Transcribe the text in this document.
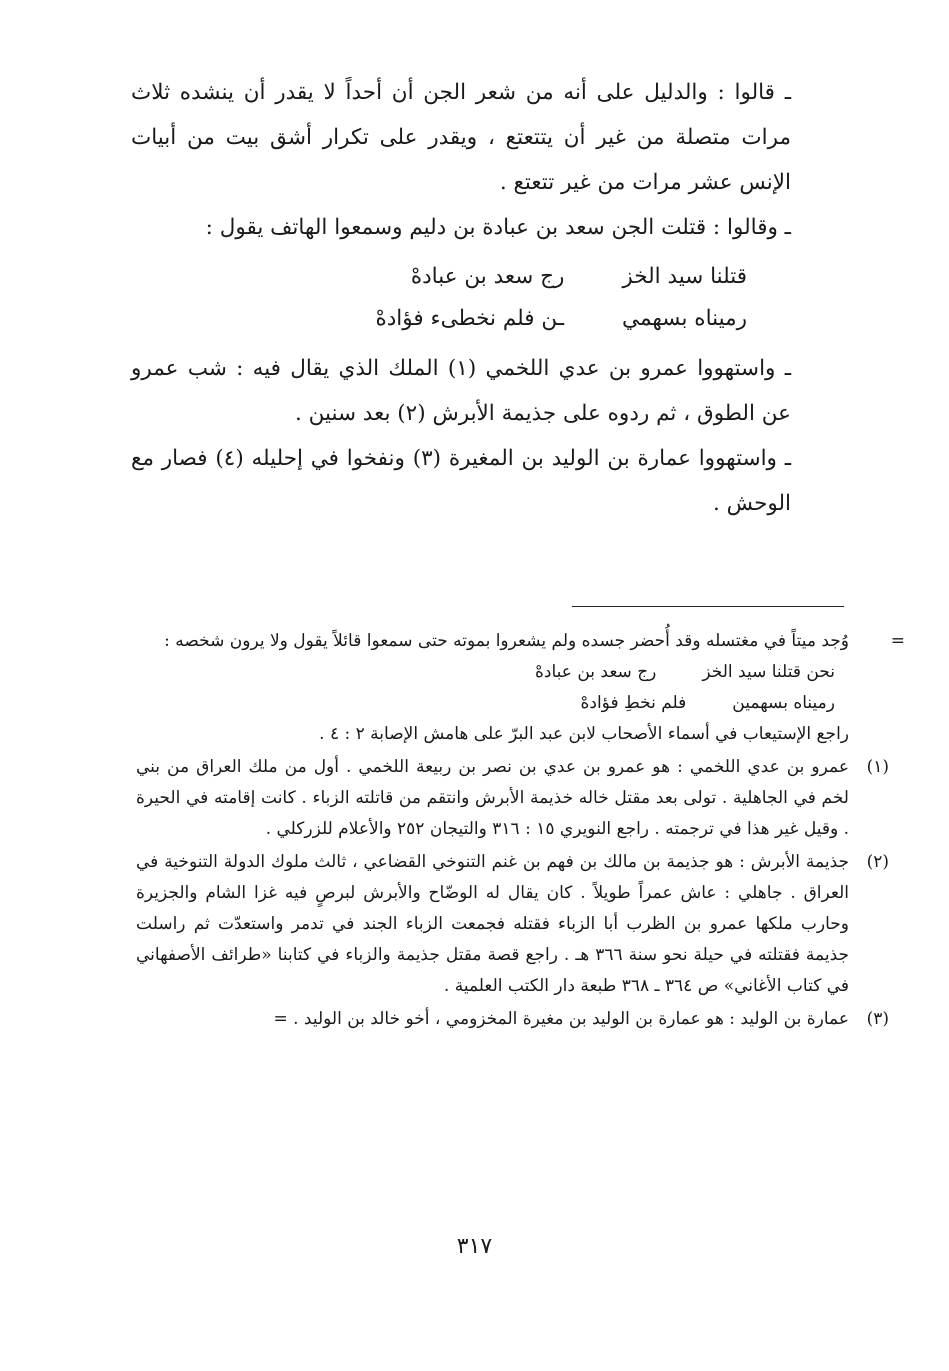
ـ قالوا : والدليل على أنه من شعر الجن أن أحداً لا يقدر أن ينشده ثلاث مرات متصلة من غير أن يتتعتع ، ويقدر على تكرار أشق بيت من أبيات الإنس عشر مرات من غير تتعتع .

ـ وقالوا : قتلت الجن سعد بن عبادة بن دليم وسمعوا الهاتف يقول :

قتلنا سيد الخز
رج سعد بن عبادهْ
رميناه بسهمي
ـن فلم نخطىء فؤادهْ

ـ واستهووا عمرو بن عدي اللخمي (١) الملك الذي يقال فيه : شب عمرو عن الطوق ، ثم ردوه على جذيمة الأبرش (٢) بعد سنين .

ـ واستهووا عمارة بن الوليد بن المغيرة (٣) ونفخوا في إحليله (٤) فصار مع الوحش .

=
وُجد ميتاً في مغتسله وقد أُحضر جسده ولم يشعروا بموته حتى سمعوا قائلاً يقول ولا يرون شخصه :
نحن قتلنا سيد الخز
رج سعد بن عبادهْ
رميناه بسهمين
فلم نخطِ فؤادهْ
راجع الإستيعاب في أسماء الأصحاب لابن عبد البرّ على هامش الإصابة ٢ : ٤ .
(١)
عمرو بن عدي اللخمي : هو عمرو بن عدي بن نصر بن ربيعة اللخمي . أول من ملك العراق من بني لخم في الجاهلية . تولى بعد مقتل خاله خذيمة الأبرش وانتقم من قاتلته الزباء . كانت إقامته في الحيرة . وقيل غير هذا في ترجمته . راجع النويري ١٥ : ٣١٦ والتيجان ٢٥٢ والأعلام للزركلي .
(٢)
جذيمة الأبرش : هو جذيمة بن مالك بن فهم بن غنم التنوخي القضاعي ، ثالث ملوك الدولة التنوخية في العراق . جاهلي : عاش عمراً طويلاً . كان يقال له الوضّاح والأبرش لبرصٍ فيه غزا الشام والجزيرة وحارب ملكها عمرو بن الظرب أبا الزباء فقتله فجمعت الزباء الجند في تدمر واستعدّت ثم راسلت جذيمة فقتلته في حيلة نحو سنة ٣٦٦ هـ . راجع قصة مقتل جذيمة والزباء في كتابنا «طرائف الأصفهاني في كتاب الأغاني» ص ٣٦٤ ـ ٣٦٨ طبعة دار الكتب العلمية .
(٣)
عمارة بن الوليد : هو عمارة بن الوليد بن مغيرة المخزومي ، أخو خالد بن الوليد . =
٣١٧
